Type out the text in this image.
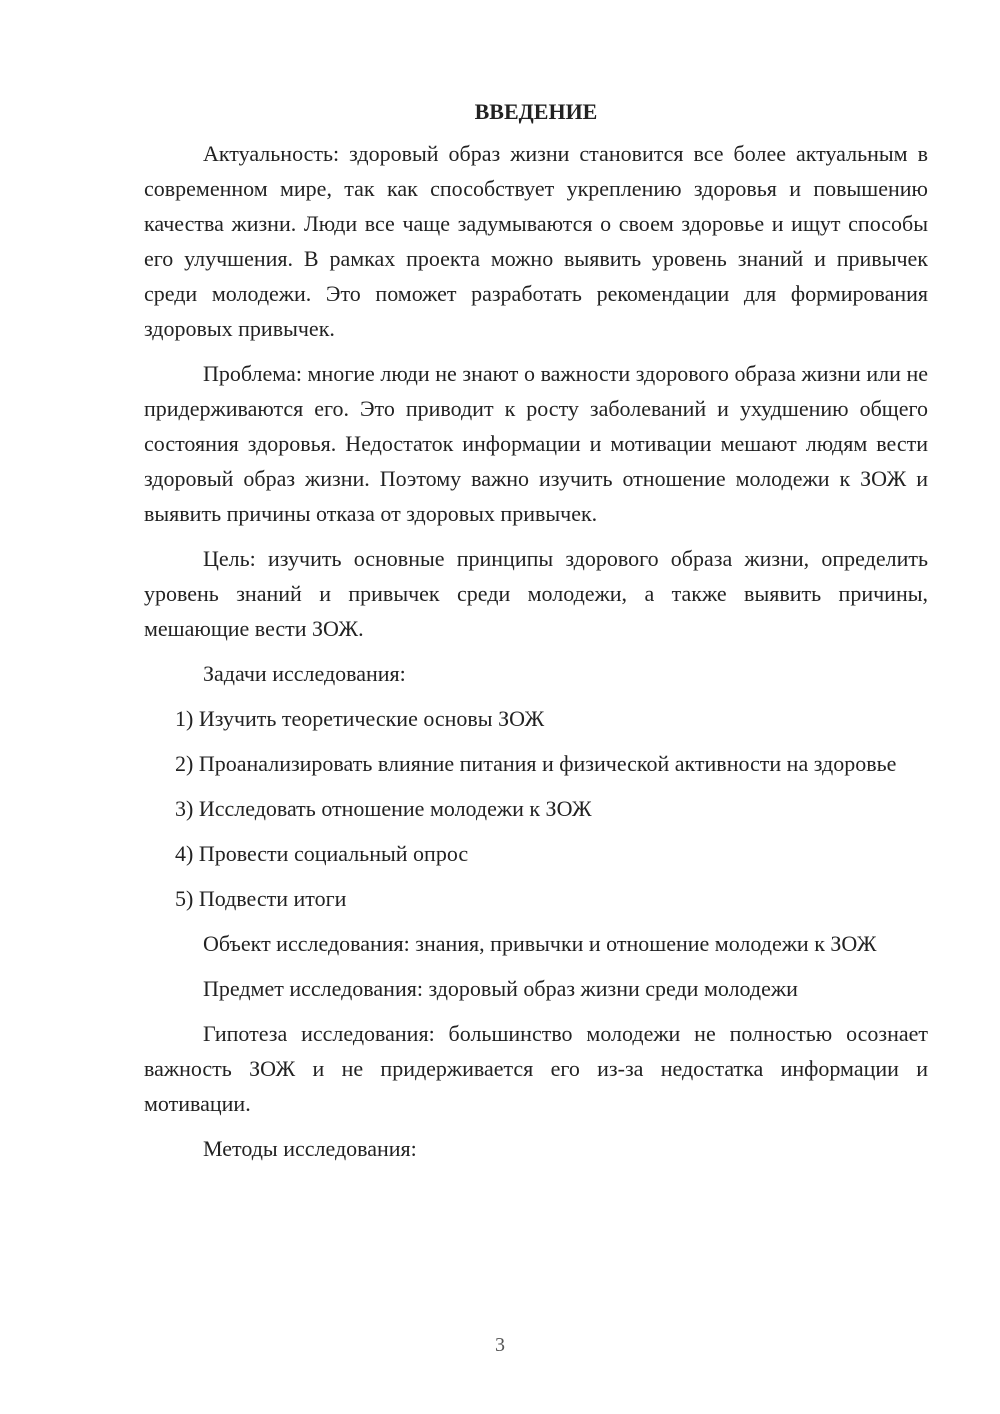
ВВЕДЕНИЕ

Актуальность: здоровый образ жизни становится все более актуальным в современном мире, так как способствует укреплению здоровья и повышению качества жизни. Люди все чаще задумываются о своем здоровье и ищут способы его улучшения. В рамках проекта можно выявить уровень знаний и привычек среди молодежи. Это поможет разработать рекомендации для формирования здоровых привычек.

Проблема: многие люди не знают о важности здорового образа жизни или не придерживаются его. Это приводит к росту заболеваний и ухудшению общего состояния здоровья. Недостаток информации и мотивации мешают людям вести здоровый образ жизни. Поэтому важно изучить отношение молодежи к ЗОЖ и выявить причины отказа от здоровых привычек.

Цель: изучить основные принципы здорового образа жизни, определить уровень знаний и привычек среди молодежи, а также выявить причины, мешающие вести ЗОЖ.

Задачи исследования:

1) Изучить теоретические основы ЗОЖ

2) Проанализировать влияние питания и физической активности на здоровье

3) Исследовать отношение молодежи к ЗОЖ

4) Провести социальный опрос

5) Подвести итоги

Объект исследования: знания, привычки и отношение молодежи к ЗОЖ

Предмет исследования: здоровый образ жизни среди молодежи

Гипотеза исследования: большинство молодежи не полностью осознает важность ЗОЖ и не придерживается его из-за недостатка информации и мотивации.

Методы исследования:

3
